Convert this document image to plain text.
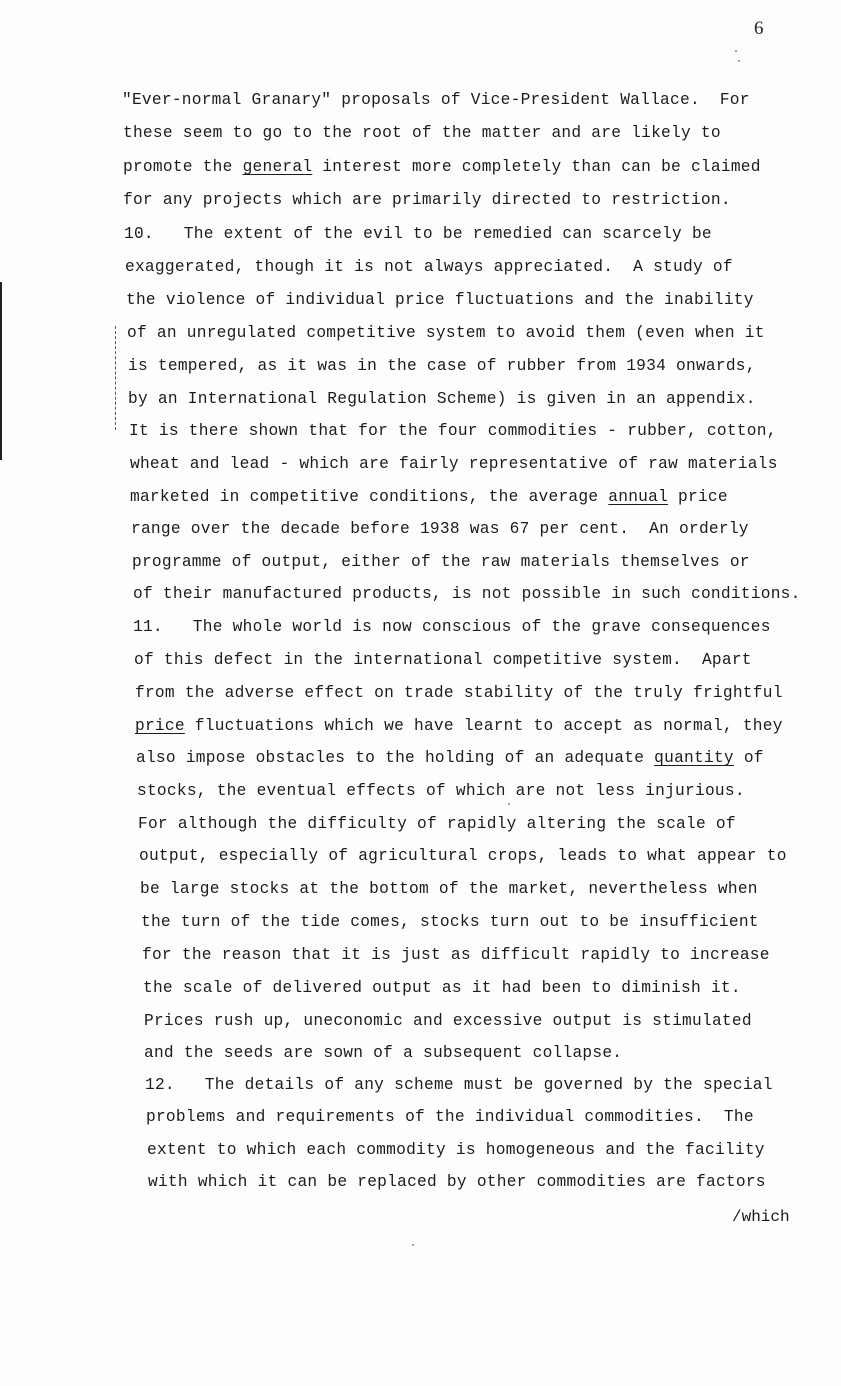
6
"Ever-normal Granary" proposals of Vice-President Wallace.  For
these seem to go to the root of the matter and are likely to
promote the general interest more completely than can be claimed
for any projects which are primarily directed to restriction.
10.   The extent of the evil to be remedied can scarcely be
exaggerated, though it is not always appreciated.  A study of
the violence of individual price fluctuations and the inability
of an unregulated competitive system to avoid them (even when it
is tempered, as it was in the case of rubber from 1934 onwards,
by an International Regulation Scheme) is given in an appendix.
It is there shown that for the four commodities - rubber, cotton,
wheat and lead - which are fairly representative of raw materials
marketed in competitive conditions, the average annual price
range over the decade before 1938 was 67 per cent.  An orderly
programme of output, either of the raw materials themselves or
of their manufactured products, is not possible in such conditions.
11.   The whole world is now conscious of the grave consequences
of this defect in the international competitive system.  Apart
from the adverse effect on trade stability of the truly frightful
price fluctuations which we have learnt to accept as normal, they
also impose obstacles to the holding of an adequate quantity of
stocks, the eventual effects of which are not less injurious.
For although the difficulty of rapidly altering the scale of
output, especially of agricultural crops, leads to what appear to
be large stocks at the bottom of the market, nevertheless when
the turn of the tide comes, stocks turn out to be insufficient
for the reason that it is just as difficult rapidly to increase
the scale of delivered output as it had been to diminish it.
Prices rush up, uneconomic and excessive output is stimulated
and the seeds are sown of a subsequent collapse.
12.   The details of any scheme must be governed by the special
problems and requirements of the individual commodities.  The
extent to which each commodity is homogeneous and the facility
with which it can be replaced by other commodities are factors
/which
